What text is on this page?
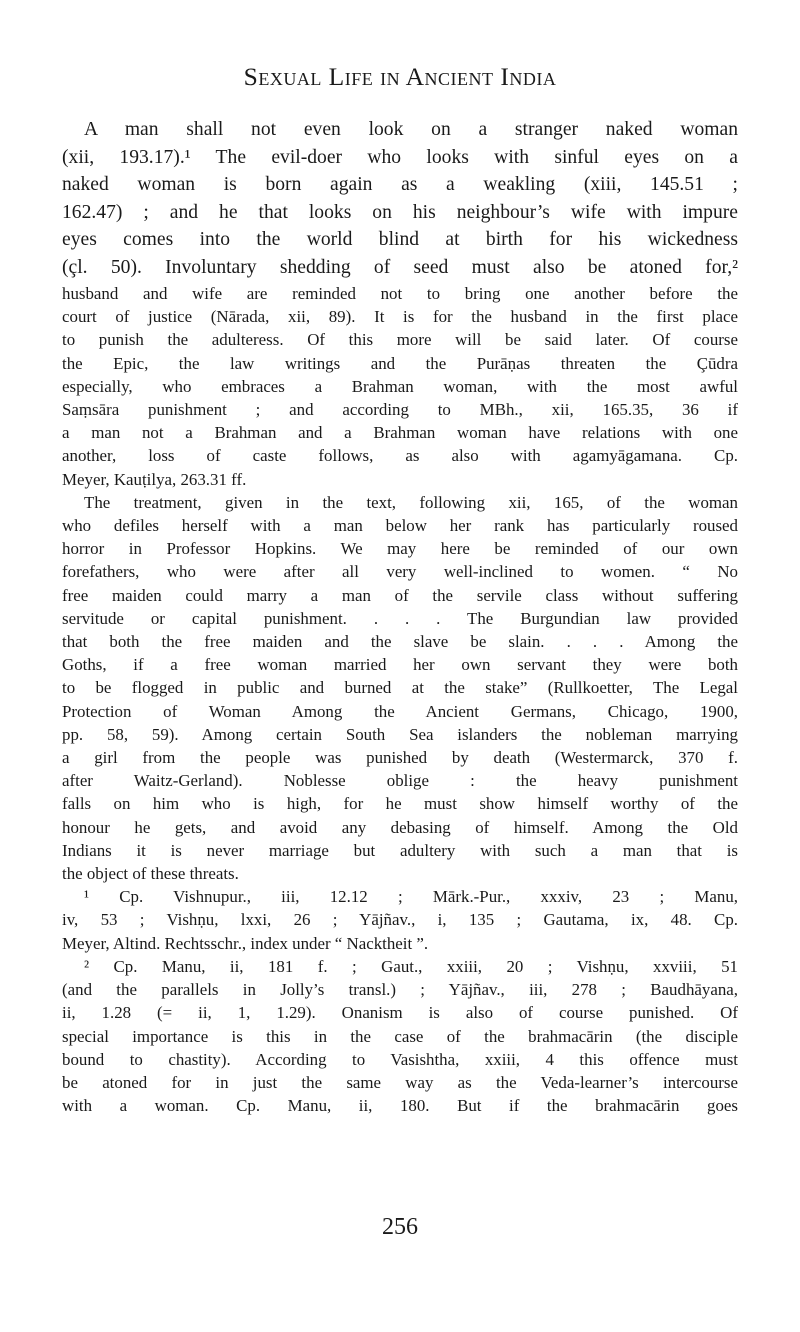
Sexual Life in Ancient India
A man shall not even look on a stranger naked woman
(xii, 193.17).¹ The evil-doer who looks with sinful eyes on a
naked woman is born again as a weakling (xiii, 145.51 ;
162.47) ; and he that looks on his neighbour’s wife with impure
eyes comes into the world blind at birth for his wickedness
(çl. 50). Involuntary shedding of seed must also be atoned for,²
husband and wife are reminded not to bring one another before the
court of justice (Nārada, xii, 89). It is for the husband in the first place
to punish the adulteress. Of this more will be said later. Of course
the Epic, the law writings and the Purāṇas threaten the Çūdra
especially, who embraces a Brahman woman, with the most awful
Saṃsāra punishment ; and according to MBh., xii, 165.35, 36 if
a man not a Brahman and a Brahman woman have relations with one
another, loss of caste follows, as also with agamyāgamana. Cp.
Meyer, Kauṭilya, 263.31 ff.
The treatment, given in the text, following xii, 165, of the woman
who defiles herself with a man below her rank has particularly roused
horror in Professor Hopkins. We may here be reminded of our own
forefathers, who were after all very well-inclined to women. “ No
free maiden could marry a man of the servile class without suffering
servitude or capital punishment. . . . The Burgundian law provided
that both the free maiden and the slave be slain. . . . Among the
Goths, if a free woman married her own servant they were both
to be flogged in public and burned at the stake” (Rullkoetter, The Legal
Protection of Woman Among the Ancient Germans, Chicago, 1900,
pp. 58, 59). Among certain South Sea islanders the nobleman marrying
a girl from the people was punished by death (Westermarck, 370 f.
after Waitz-Gerland). Noblesse oblige : the heavy punishment
falls on him who is high, for he must show himself worthy of the
honour he gets, and avoid any debasing of himself. Among the Old
Indians it is never marriage but adultery with such a man that is
the object of these threats.
¹ Cp. Vishnupur., iii, 12.12 ; Mārk.-Pur., xxxiv, 23 ; Manu,
iv, 53 ; Vishṇu, lxxi, 26 ; Yājñav., i, 135 ; Gautama, ix, 48. Cp.
Meyer, Altind. Rechtsschr., index under “ Nacktheit ”.
² Cp. Manu, ii, 181 f. ; Gaut., xxiii, 20 ; Vishṇu, xxviii, 51
(and the parallels in Jolly’s transl.) ; Yājñav., iii, 278 ; Baudhāyana,
ii, 1.28 (= ii, 1, 1.29). Onanism is also of course punished. Of
special importance is this in the case of the brahmacārin (the disciple
bound to chastity). According to Vasishtha, xxiii, 4 this offence must
be atoned for in just the same way as the Veda-learner’s intercourse
with a woman. Cp. Manu, ii, 180. But if the brahmacārin goes
256
